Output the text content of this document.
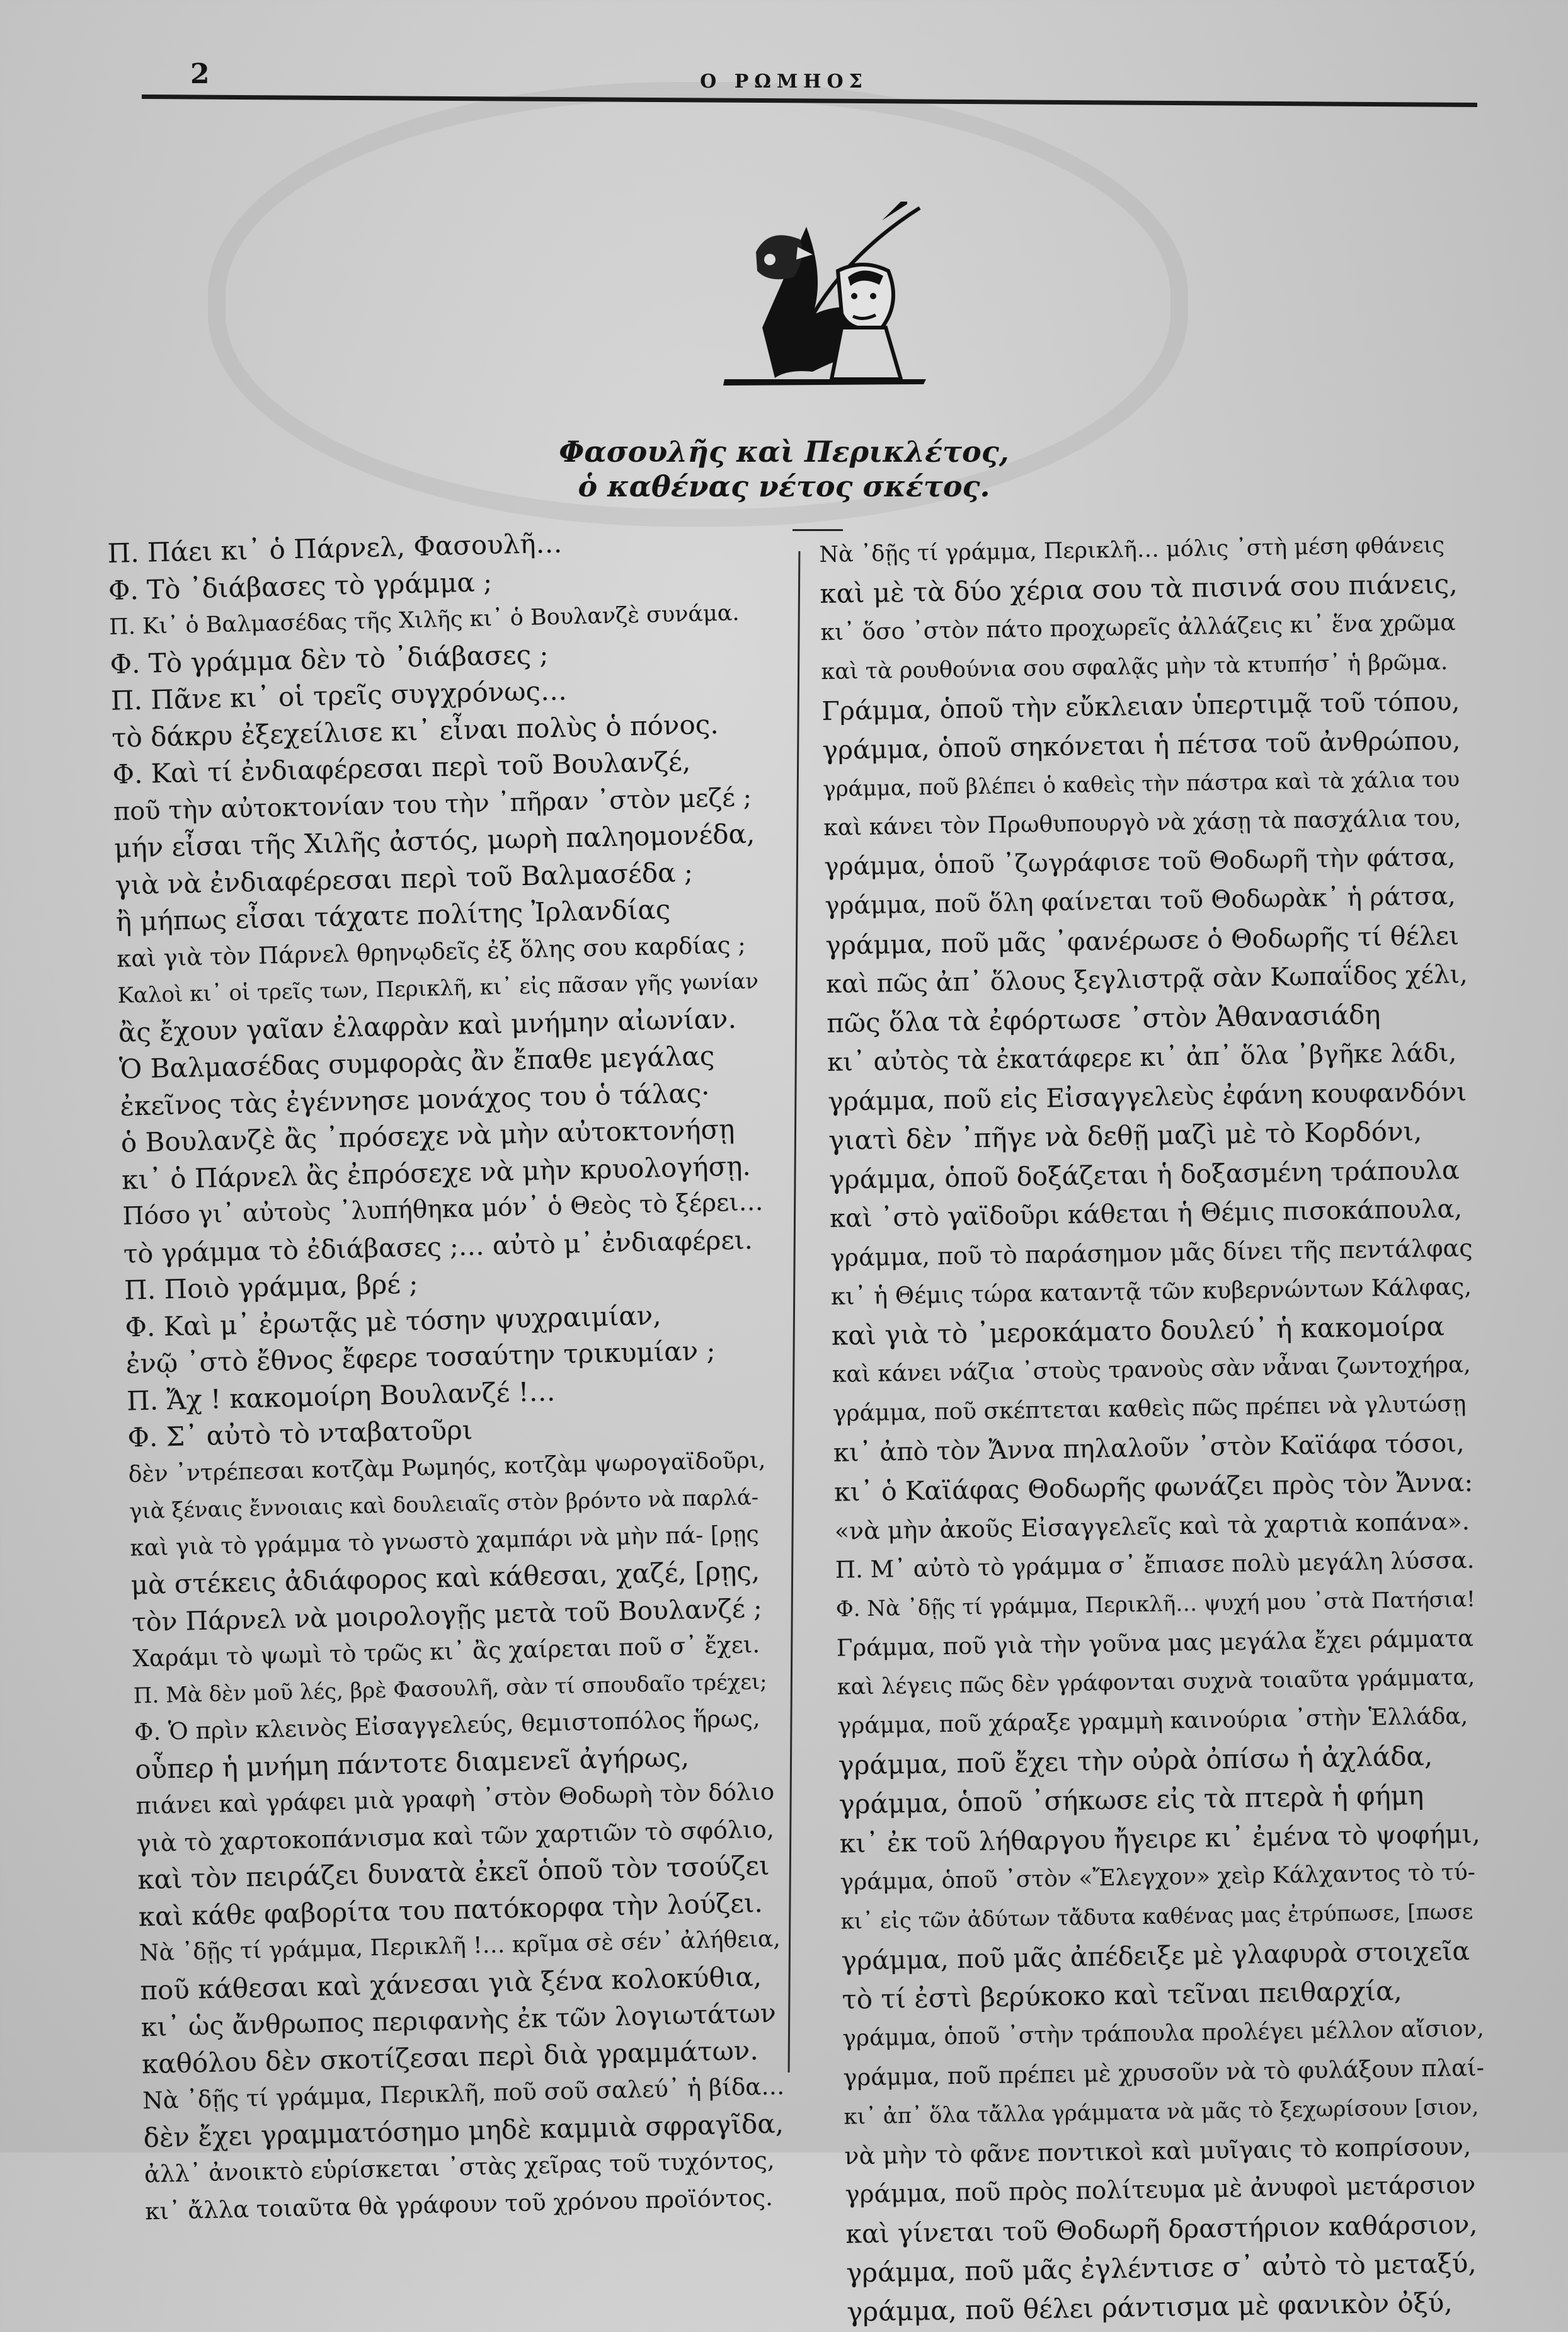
2	Ο ΡΩΜΗΟΣ
Φασουλῆς καὶ Περικλέτος,
ὁ καθένας νέτος σκέτος.
Π. Πάει κι᾽ ὁ Πάρνελ, Φασουλῆ…
Φ. Τὸ ᾽διάβασες τὸ γράμμα ;
Π. Κι᾽ ὁ Βαλμασέδας τῆς Χιλῆς κι᾽ ὁ Βουλανζὲ συνάμα.
Φ. Τὸ γράμμα δὲν τὸ ᾽διάβασες ;
Π. Πᾶνε κι᾽ οἱ τρεῖς συγχρόνως…
τὸ δάκρυ ἐξεχείλισε κι᾽ εἶναι πολὺς ὁ πόνος.
Φ. Καὶ τί ἐνδιαφέρεσαι περὶ τοῦ Βουλανζέ,
ποῦ τὴν αὐτοκτονίαν του τὴν ᾽πῆραν ᾽στὸν μεζέ ;
μήν εἶσαι τῆς Χιλῆς ἀστός, μωρὴ παληομονέδα,
γιὰ νὰ ἐνδιαφέρεσαι περὶ τοῦ Βαλμασέδα ;
ἢ μήπως εἶσαι τάχατε πολίτης Ἰρλανδίας
καὶ γιὰ τὸν Πάρνελ θρηνῳδεῖς ἐξ ὅλης σου καρδίας ;
Καλοὶ κι᾽ οἱ τρεῖς των, Περικλῆ, κι᾽ εἰς πᾶσαν γῆς γωνίαν
ἂς ἔχουν γαῖαν ἐλαφρὰν καὶ μνήμην αἰωνίαν.
Ὁ Βαλμασέδας συμφορὰς ἂν ἔπαθε μεγάλας
ἐκεῖνος τὰς ἐγέννησε μονάχος του ὁ τάλας·
ὁ Βουλανζὲ ἂς ᾽πρόσεχε νὰ μὴν αὐτοκτονήσῃ
κι᾽ ὁ Πάρνελ ἂς ἐπρόσεχε νὰ μὴν κρυολογήσῃ.
Πόσο γι᾽ αὐτοὺς ᾽λυπήθηκα μόν᾽ ὁ Θεὸς τὸ ξέρει…
τὸ γράμμα τὸ ἐδιάβασες ;… αὐτὸ μ᾽ ἐνδιαφέρει.
Π. Ποιὸ γράμμα, βρέ ;
Φ. Καὶ μ᾽ ἐρωτᾷς μὲ τόσην ψυχραιμίαν,
ἐνῷ ᾽στὸ ἔθνος ἔφερε τοσαύτην τρικυμίαν ;
Π. Ἄχ ! κακομοίρη Βουλανζέ !…
Φ. Σ᾽ αὐτὸ τὸ νταβατοῦρι
δὲν ᾽ντρέπεσαι κοτζὰμ Ρωμηός, κοτζὰμ ψωρογαϊδοῦρι,
γιὰ ξέναις ἔννοιαις καὶ δουλειαῖς στὸν βρόντο νὰ παρλά-
καὶ γιὰ τὸ γράμμα τὸ γνωστὸ χαμπάρι νὰ μὴν πά- [ρῃς
μὰ στέκεις ἀδιάφορος καὶ κάθεσαι, χαζέ, [ρῃς,
τὸν Πάρνελ νὰ μοιρολογῇς μετὰ τοῦ Βουλανζέ ;
Χαράμι τὸ ψωμὶ τὸ τρῶς κι᾽ ἂς χαίρεται ποῦ σ᾽ ἔχει.
Π. Μὰ δὲν μοῦ λές, βρὲ Φασουλῆ, σὰν τί σπουδαῖο τρέχει;
Φ. Ὁ πρὶν κλεινὸς Εἰσαγγελεύς, θεμιστοπόλος ἥρως,
οὗπερ ἡ μνήμη πάντοτε διαμενεῖ ἀγήρως,
πιάνει καὶ γράφει μιὰ γραφὴ ᾽στὸν Θοδωρὴ τὸν δόλιο
γιὰ τὸ χαρτοκοπάνισμα καὶ τῶν χαρτιῶν τὸ σφόλιο,
καὶ τὸν πειράζει δυνατὰ ἐκεῖ ὁποῦ τὸν τσούζει
καὶ κάθε φαβορίτα του πατόκορφα τὴν λούζει.
Νὰ ᾽δῇς τί γράμμα, Περικλῆ !… κρῖμα σὲ σέν᾽ ἀλήθεια,
ποῦ κάθεσαι καὶ χάνεσαι γιὰ ξένα κολοκύθια,
κι᾽ ὡς ἄνθρωπος περιφανὴς ἐκ τῶν λογιωτάτων
καθόλου δὲν σκοτίζεσαι περὶ διὰ γραμμάτων.
Νὰ ᾽δῇς τί γράμμα, Περικλῆ, ποῦ σοῦ σαλεύ᾽ ἡ βίδα…
δὲν ἔχει γραμματόσημο μηδὲ καμμιὰ σφραγῖδα,
ἀλλ᾽ ἀνοικτὸ εὑρίσκεται ᾽στὰς χεῖρας τοῦ τυχόντος,
κι᾽ ἄλλα τοιαῦτα θὰ γράφουν τοῦ χρόνου προϊόντος.
Νὰ ᾽δῇς τί γράμμα, Περικλῆ… μόλις ᾽στὴ μέση φθάνεις
καὶ μὲ τὰ δύο χέρια σου τὰ πισινά σου πιάνεις,
κι᾽ ὅσο ᾽στὸν πάτο προχωρεῖς ἀλλάζεις κι᾽ ἕνα χρῶμα
καὶ τὰ ρουθούνια σου σφαλᾷς μὴν τὰ κτυπήσ᾽ ἡ βρῶμα.
Γράμμα, ὁποῦ τὴν εὔκλειαν ὑπερτιμᾷ τοῦ τόπου,
γράμμα, ὁποῦ σηκόνεται ἡ πέτσα τοῦ ἀνθρώπου,
γράμμα, ποῦ βλέπει ὁ καθεὶς τὴν πάστρα καὶ τὰ χάλια του
καὶ κάνει τὸν Πρωθυπουργὸ νὰ χάσῃ τὰ πασχάλια του,
γράμμα, ὁποῦ ᾽ζωγράφισε τοῦ Θοδωρῆ τὴν φάτσα,
γράμμα, ποῦ ὅλη φαίνεται τοῦ Θοδωρὰκ᾽ ἡ ράτσα,
γράμμα, ποῦ μᾶς ᾽φανέρωσε ὁ Θοδωρῆς τί θέλει
καὶ πῶς ἀπ᾽ ὅλους ξεγλιστρᾷ σὰν Κωπαΐδος χέλι,
πῶς ὅλα τὰ ἐφόρτωσε ᾽στὸν Ἀθανασιάδη
κι᾽ αὐτὸς τὰ ἐκατάφερε κι᾽ ἀπ᾽ ὅλα ᾽βγῆκε λάδι,
γράμμα, ποῦ εἰς Εἰσαγγελεὺς ἐφάνη κουφανδόνι
γιατὶ δὲν ᾽πῆγε νὰ δεθῇ μαζὶ μὲ τὸ Κορδόνι,
γράμμα, ὁποῦ δοξάζεται ἡ δοξασμένη τράπουλα
καὶ ᾽στὸ γαϊδοῦρι κάθεται ἡ Θέμις πισοκάπουλα,
γράμμα, ποῦ τὸ παράσημον μᾶς δίνει τῆς πεντάλφας
κι᾽ ἡ Θέμις τώρα καταντᾷ τῶν κυβερνώντων Κάλφας,
καὶ γιὰ τὸ ᾽μεροκάματο δουλεύ᾽ ἡ κακομοίρα
καὶ κάνει νάζια ᾽στοὺς τρανοὺς σὰν νἆναι ζωντοχήρα,
γράμμα, ποῦ σκέπτεται καθεὶς πῶς πρέπει νὰ γλυτώσῃ
κι᾽ ἀπὸ τὸν Ἄννα πηλαλοῦν ᾽στὸν Καϊάφα τόσοι,
κι᾽ ὁ Καϊάφας Θοδωρῆς φωνάζει πρὸς τὸν Ἄννα:
«νὰ μὴν ἀκοῦς Εἰσαγγελεῖς καὶ τὰ χαρτιὰ κοπάνα».
Π. Μ᾽ αὐτὸ τὸ γράμμα σ᾽ ἔπιασε πολὺ μεγάλη λύσσα.
Φ. Νὰ ᾽δῇς τί γράμμα, Περικλῆ… ψυχή μου ᾽στὰ Πατήσια!
Γράμμα, ποῦ γιὰ τὴν γοῦνα μας μεγάλα ἔχει ράμματα
καὶ λέγεις πῶς δὲν γράφονται συχνὰ τοιαῦτα γράμματα,
γράμμα, ποῦ χάραξε γραμμὴ καινούρια ᾽στὴν Ἑλλάδα,
γράμμα, ποῦ ἔχει τὴν οὐρὰ ὀπίσω ἡ ἀχλάδα,
γράμμα, ὁποῦ ᾽σήκωσε εἰς τὰ πτερὰ ἡ φήμη
κι᾽ ἐκ τοῦ λήθαργου ἤγειρε κι᾽ ἐμένα τὸ ψοφήμι,
γράμμα, ὁποῦ ᾽στὸν «Ἔλεγχον» χεὶρ Κάλχαντος τὸ τύ-
κι᾽ εἰς τῶν ἀδύτων τἄδυτα καθένας μας ἐτρύπωσε, [πωσε
γράμμα, ποῦ μᾶς ἀπέδειξε μὲ γλαφυρὰ στοιχεῖα
τὸ τί ἐστὶ βερύκοκο καὶ τεῖναι πειθαρχία,
γράμμα, ὁποῦ ᾽στὴν τράπουλα προλέγει μέλλον αἴσιον,
γράμμα, ποῦ πρέπει μὲ χρυσοῦν νὰ τὸ φυλάξουν πλαί-
κι᾽ ἀπ᾽ ὅλα τἄλλα γράμματα νὰ μᾶς τὸ ξεχωρίσουν [σιον,
νὰ μὴν τὸ φᾶνε ποντικοὶ καὶ μυῖγαις τὸ κοπρίσουν,
γράμμα, ποῦ πρὸς πολίτευμα μὲ ἀνυφοὶ μετάρσιον
καὶ γίνεται τοῦ Θοδωρῆ δραστήριον καθάρσιον,
γράμμα, ποῦ μᾶς ἐγλέντισε σ᾽ αὐτὸ τὸ μεταξύ,
γράμμα, ποῦ θέλει ράντισμα μὲ φανικὸν ὀξύ,
